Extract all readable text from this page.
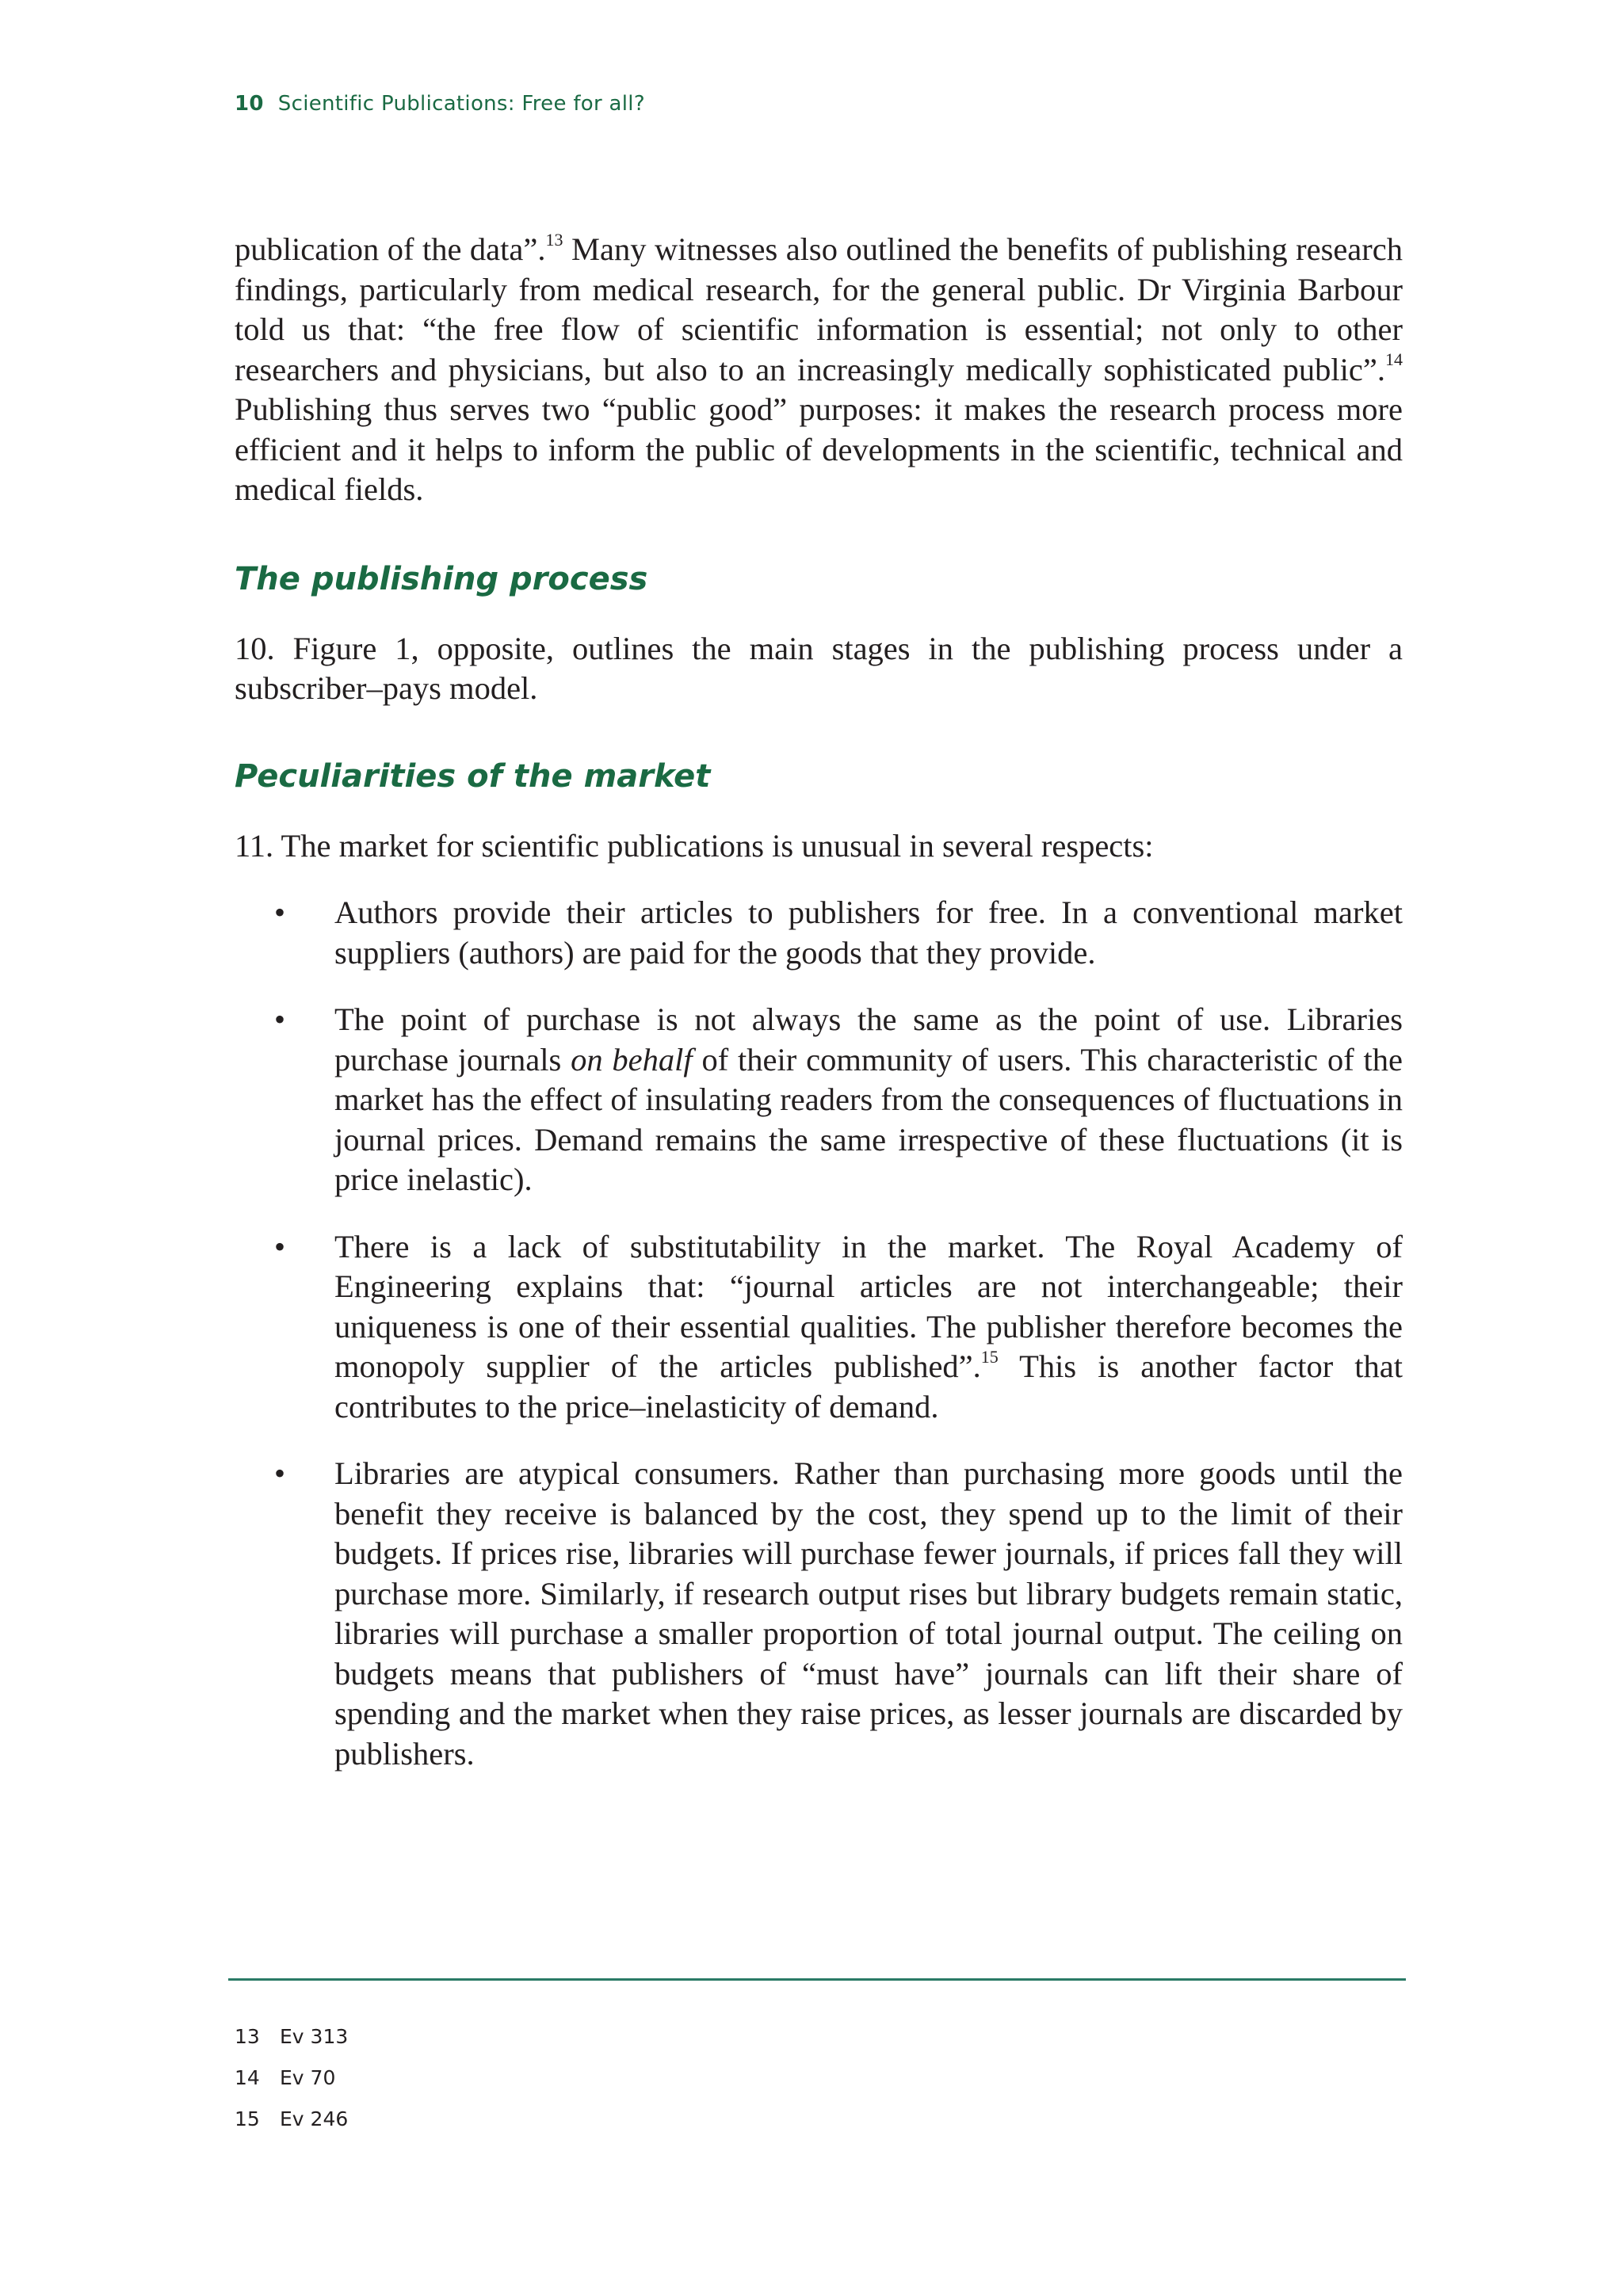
10 Scientific Publications: Free for all?

publication of the data”.$^{13}$ Many witnesses also outlined the benefits of publishing research findings, particularly from medical research, for the general public. Dr Virginia Barbour told us that: “the free flow of scientific information is essential; not only to other researchers and physicians, but also to an increasingly medically sophisticated public”.$^{14}$ Publishing thus serves two “public good” purposes: it makes the research process more efficient and it helps to inform the public of developments in the scientific, technical and medical fields.

The publishing process

10. Figure 1, opposite, outlines the main stages in the publishing process under a subscriber–pays model.

Peculiarities of the market

11. The market for scientific publications is unusual in several respects:

• Authors provide their articles to publishers for free. In a conventional market suppliers (authors) are paid for the goods that they provide.

• The point of purchase is not always the same as the point of use. Libraries purchase journals on behalf of their community of users. This characteristic of the market has the effect of insulating readers from the consequences of fluctuations in journal prices. Demand remains the same irrespective of these fluctuations (it is price inelastic).

• There is a lack of substitutability in the market. The Royal Academy of Engineering explains that: “journal articles are not interchangeable; their uniqueness is one of their essential qualities. The publisher therefore becomes the monopoly supplier of the articles published”.$^{15}$ This is another factor that contributes to the price–inelasticity of demand.

• Libraries are atypical consumers. Rather than purchasing more goods until the benefit they receive is balanced by the cost, they spend up to the limit of their budgets. If prices rise, libraries will purchase fewer journals, if prices fall they will purchase more. Similarly, if research output rises but library budgets remain static, libraries will purchase a smaller proportion of total journal output. The ceiling on budgets means that publishers of “must have” journals can lift their share of spending and the market when they raise prices, as lesser journals are discarded by publishers.

13 Ev 313
14 Ev 70
15 Ev 246
